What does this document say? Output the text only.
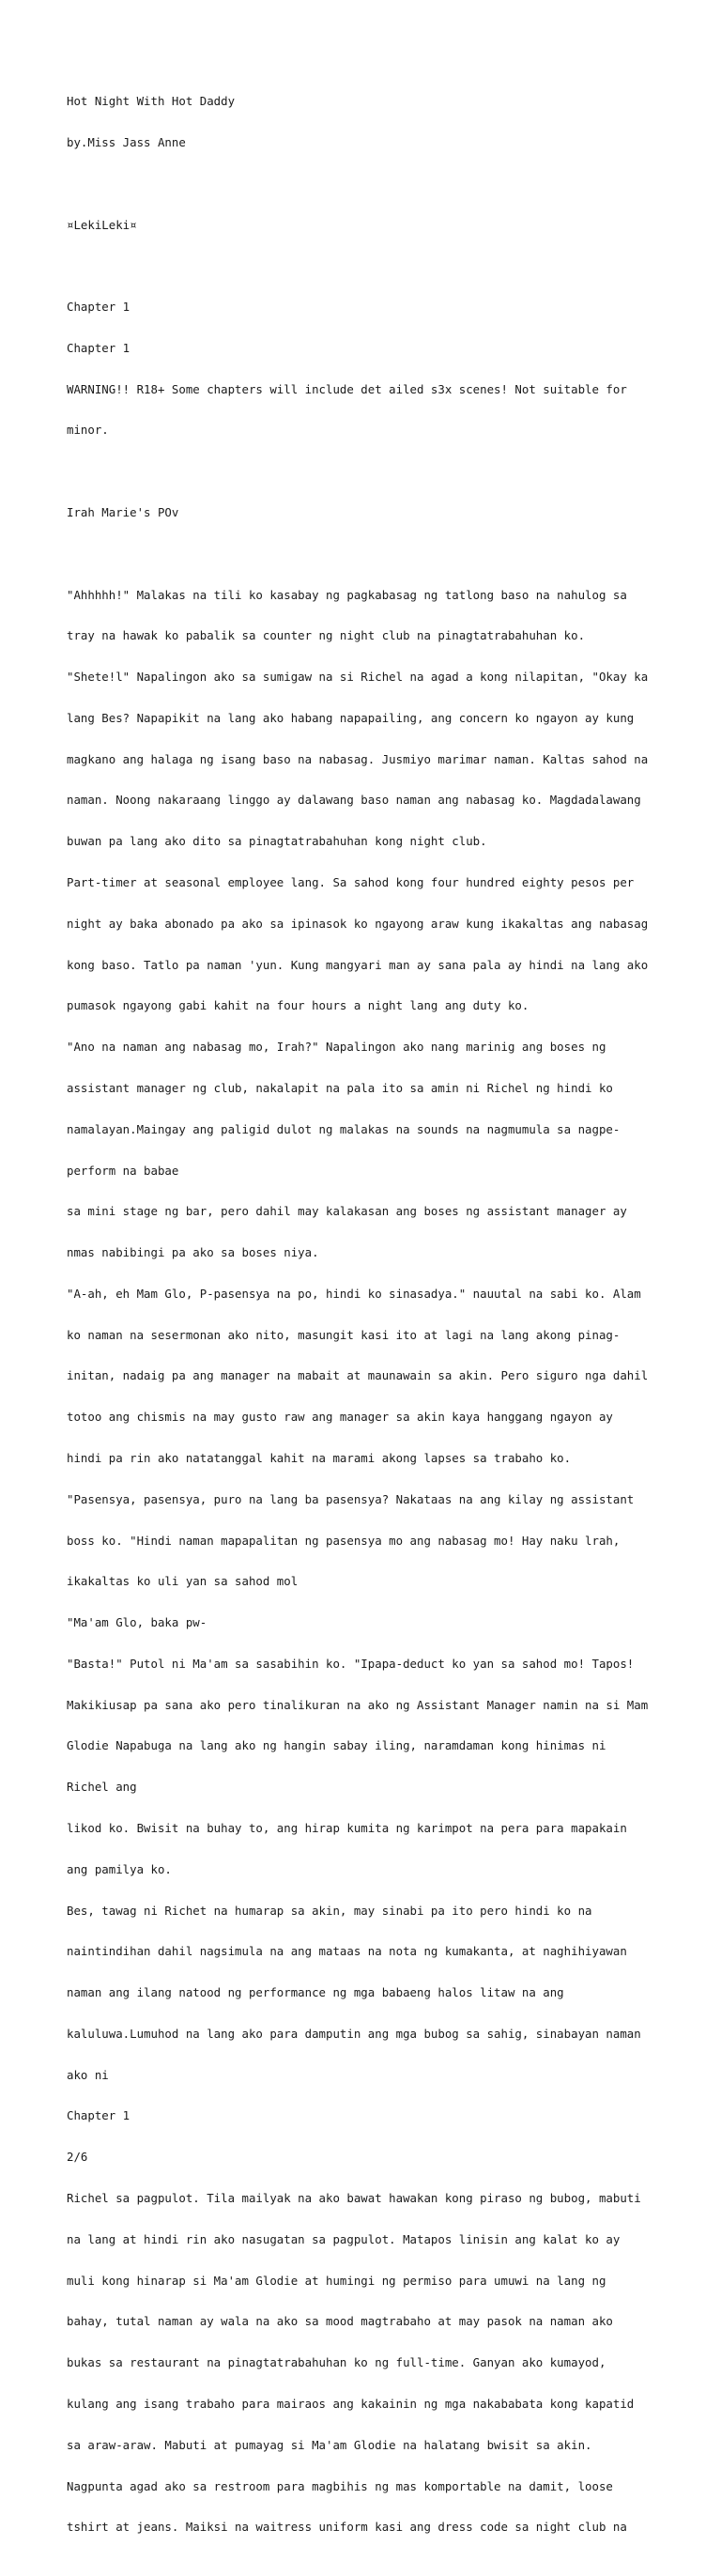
Hot Night With Hot Daddy

by.Miss Jass Anne

¤LekiLeki¤

Chapter 1

Chapter 1

WARNING!! R18+ Some chapters will include det ailed s3x scenes! Not suitable for

minor.

Irah Marie's POv

"Ahhhhh!" Malakas na tili ko kasabay ng pagkabasag ng tatlong baso na nahulog sa

tray na hawak ko pabalik sa counter ng night club na pinagtatrabahuhan ko.

"Shete!l" Napalingon ako sa sumigaw na si Richel na agad a kong nilapitan, "Okay ka

lang Bes? Napapikit na lang ako habang napapailing, ang concern ko ngayon ay kung

magkano ang halaga ng isang baso na nabasag. Jusmiyo marimar naman. Kaltas sahod na

naman. Noong nakaraang linggo ay dalawang baso naman ang nabasag ko. Magdadalawang

buwan pa lang ako dito sa pinagtatrabahuhan kong night club.

Part-timer at seasonal employee lang. Sa sahod kong four hundred eighty pesos per

night ay baka abonado pa ako sa ipinasok ko ngayong araw kung ikakaltas ang nabasag

kong baso. Tatlo pa naman 'yun. Kung mangyari man ay sana pala ay hindi na lang ako

pumasok ngayong gabi kahit na four hours a night lang ang duty ko.

"Ano na naman ang nabasag mo, Irah?" Napalingon ako nang marinig ang boses ng

assistant manager ng club, nakalapit na pala ito sa amin ni Richel ng hindi ko

namalayan.Maingay ang paligid dulot ng malakas na sounds na nagmumula sa nagpe-

perform na babae

sa mini stage ng bar, pero dahil may kalakasan ang boses ng assistant manager ay

nmas nabibingi pa ako sa boses niya.

"A-ah, eh Mam Glo, P-pasensya na po, hindi ko sinasadya." nauutal na sabi ko. Alam

ko naman na sesermonan ako nito, masungit kasi ito at lagi na lang akong pinag-

initan, nadaig pa ang manager na mabait at maunawain sa akin. Pero siguro nga dahil

totoo ang chismis na may gusto raw ang manager sa akin kaya hanggang ngayon ay

hindi pa rin ako natatanggal kahit na marami akong lapses sa trabaho ko.

"Pasensya, pasensya, puro na lang ba pasensya? Nakataas na ang kilay ng assistant

boss ko. "Hindi naman mapapalitan ng pasensya mo ang nabasag mo! Hay naku lrah,

ikakaltas ko uli yan sa sahod mol

"Ma'am Glo, baka pw-

"Basta!" Putol ni Ma'am sa sasabihin ko. "Ipapa-deduct ko yan sa sahod mo! Tapos!

Makikiusap pa sana ako pero tinalikuran na ako ng Assistant Manager namin na si Mam

Glodie Napabuga na lang ako ng hangin sabay iling, naramdaman kong hinimas ni

Richel ang

likod ko. Bwisit na buhay to, ang hirap kumita ng karimpot na pera para mapakain

ang pamilya ko.

Bes, tawag ni Richet na humarap sa akin, may sinabi pa ito pero hindi ko na

naintindihan dahil nagsimula na ang mataas na nota ng kumakanta, at naghihiyawan

naman ang ilang natood ng performance ng mga babaeng halos litaw na ang

kaluluwa.Lumuhod na lang ako para damputin ang mga bubog sa sahig, sinabayan naman

ako ni

Chapter 1

2/6

Richel sa pagpulot. Tila mailyak na ako bawat hawakan kong piraso ng bubog, mabuti

na lang at hindi rin ako nasugatan sa pagpulot. Matapos linisin ang kalat ko ay

muli kong hinarap si Ma'am Glodie at humingi ng permiso para umuwi na lang ng

bahay, tutal naman ay wala na ako sa mood magtrabaho at may pasok na naman ako

bukas sa restaurant na pinagtatrabahuhan ko ng full-time. Ganyan ako kumayod,

kulang ang isang trabaho para mairaos ang kakainin ng mga nakababata kong kapatid

sa araw-araw. Mabuti at pumayag si Ma'am Glodie na halatang bwisit sa akin.

Nagpunta agad ako sa restroom para magbihis ng mas komportable na damit, loose

tshirt at jeans. Maiksi na waitress uniform kasi ang dress code sa night club na
